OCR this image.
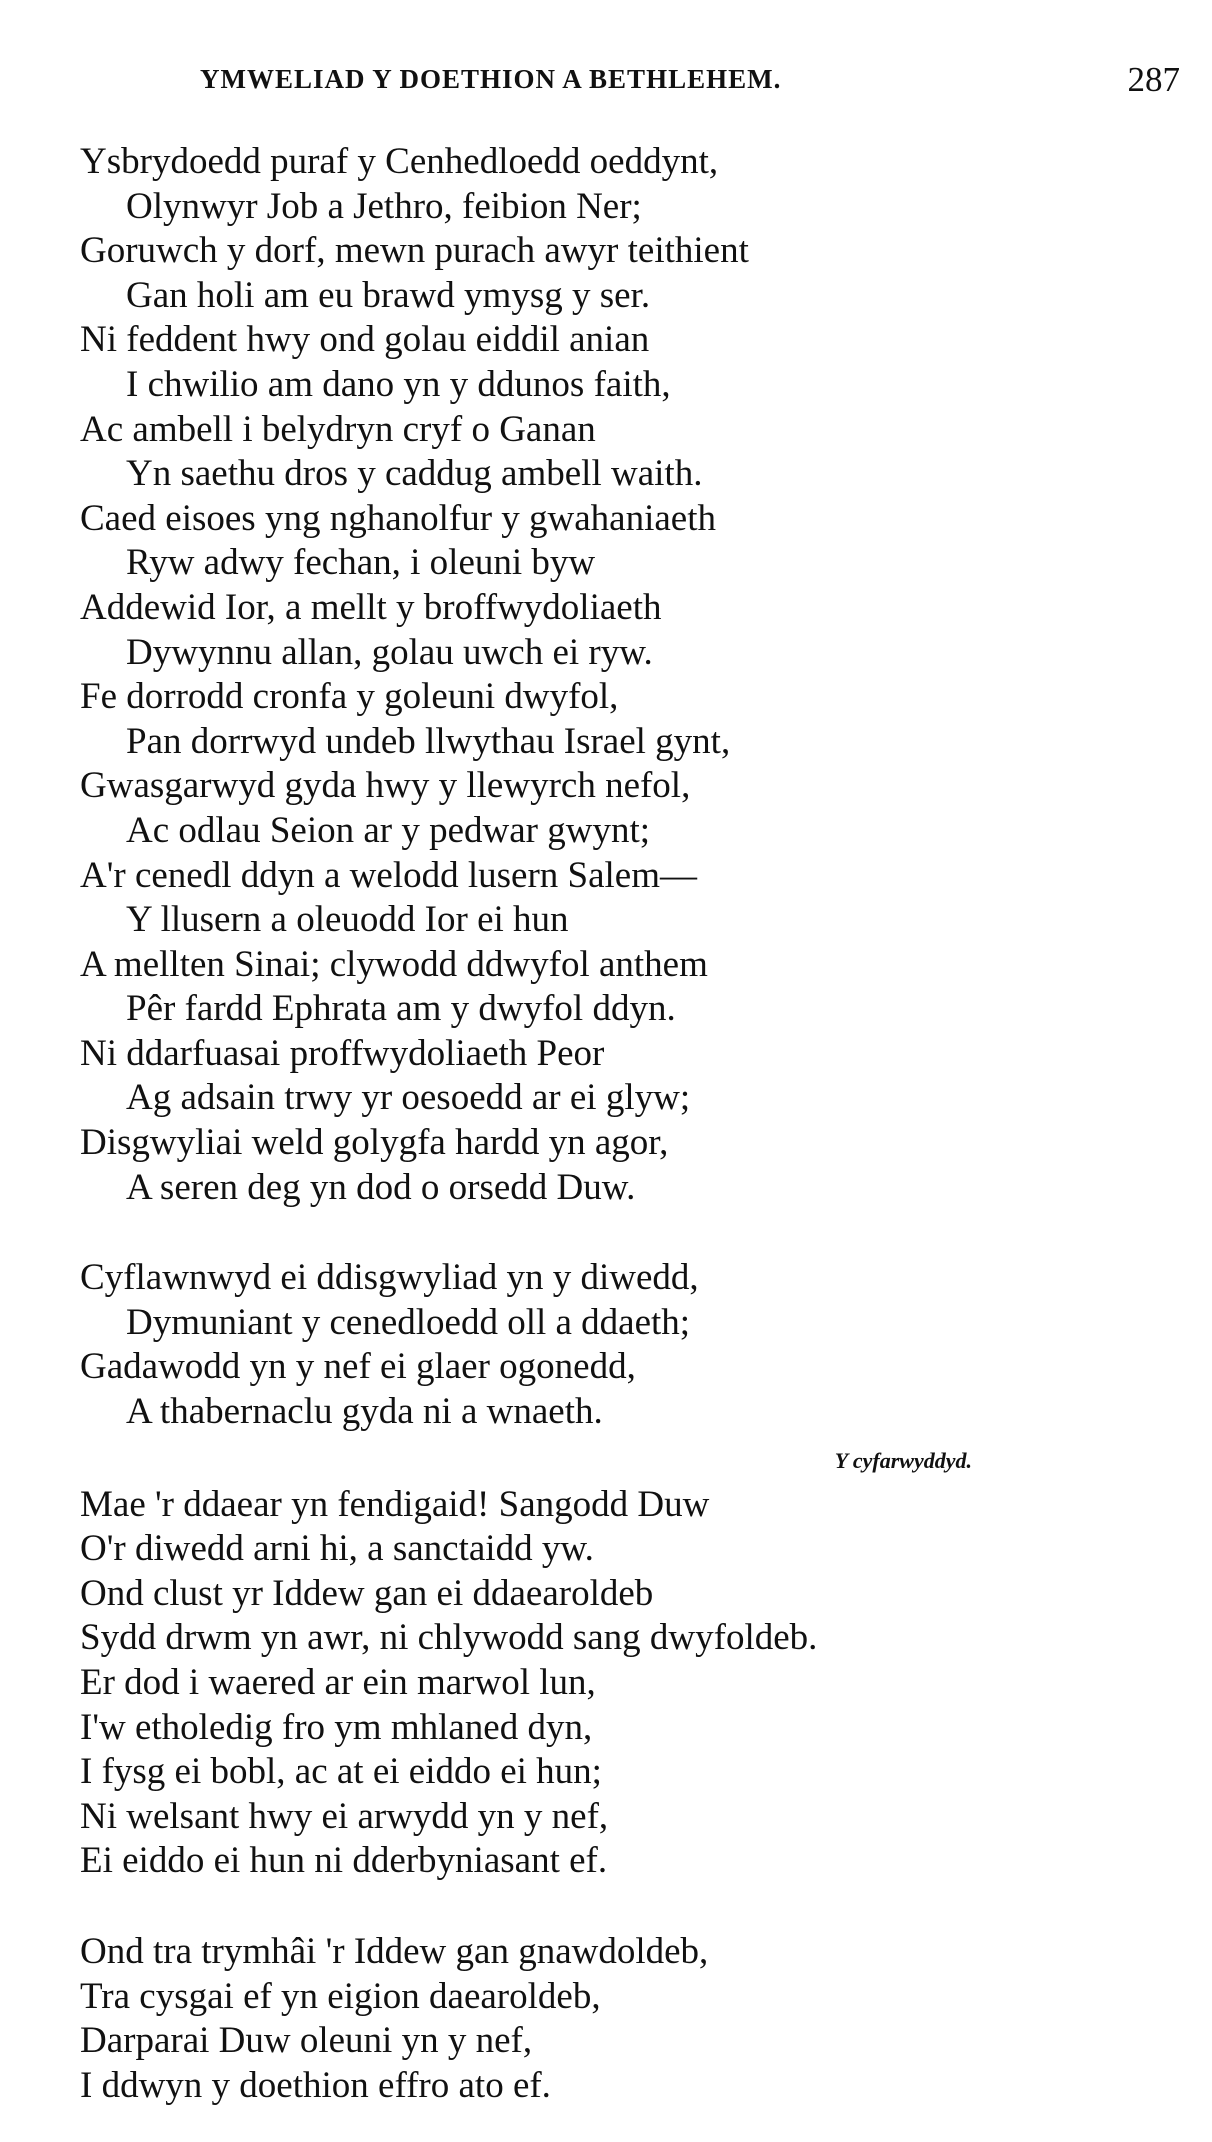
YMWELIAD Y DOETHION A BETHLEHEM.	287
Ysbrydoedd puraf y Cenhedloedd oeddynt,
Olynwyr Job a Jethro, feibion Ner;
Goruwch y dorf, mewn purach awyr teithient
Gan holi am eu brawd ymysg y ser.
Ni feddent hwy ond golau eiddil anian
I chwilio am dano yn y ddunos faith,
Ac ambell i belydryn cryf o Ganan
Yn saethu dros y caddug ambell waith.
Caed eisoes yng nghanolfur y gwahaniaeth
Ryw adwy fechan, i oleuni byw
Addewid Ior, a mellt y broffwydoliaeth
Dywynnu allan, golau uwch ei ryw.
Fe dorrodd cronfa y goleuni dwyfol,
Pan dorrwyd undeb llwythau Israel gynt,
Gwasgarwyd gyda hwy y llewyrch nefol,
Ac odlau Seion ar y pedwar gwynt;
A'r cenedl ddyn a welodd lusern Salem—
Y llusern a oleuodd Ior ei hun
A mellten Sinai; clywodd ddwyfol anthem
Pêr fardd Ephrata am y dwyfol ddyn.
Ni ddarfuasai proffwydoliaeth Peor
Ag adsain trwy yr oesoedd ar ei glyw;
Disgwyliai weld golygfa hardd yn agor,
A seren deg yn dod o orsedd Duw.
Cyflawnwyd ei ddisgwyliad yn y diwedd,
Dymuniant y cenedloedd oll a ddaeth;
Gadawodd yn y nef ei glaer ogonedd,
A thabernaclu gyda ni a wnaeth.
Y cyfarwyddyd.
Mae 'r ddaear yn fendigaid! Sangodd Duw
O'r diwedd arni hi, a sanctaidd yw.
Ond clust yr Iddew gan ei ddaearoldeb
Sydd drwm yn awr, ni chlywodd sang dwyfoldeb.
Er dod i waered ar ein marwol lun,
I'w etholedig fro ym mhlaned dyn,
I fysg ei bobl, ac at ei eiddo ei hun;
Ni welsant hwy ei arwydd yn y nef,
Ei eiddo ei hun ni dderbyniasant ef.
Ond tra trymhâi 'r Iddew gan gnawdoldeb,
Tra cysgai ef yn eigion daearoldeb,
Darparai Duw oleuni yn y nef,
I ddwyn y doethion effro ato ef.
